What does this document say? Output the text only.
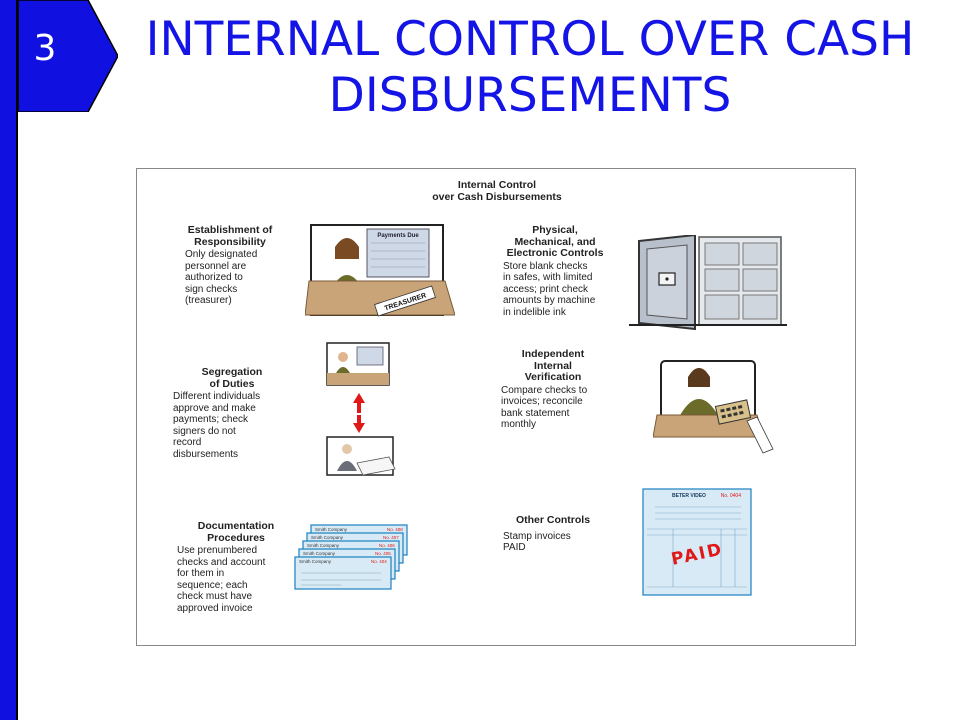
3	INTERNAL CONTROL OVER CASH
DISBURSEMENTS
Internal Control
over Cash Disbursements
Establishment of
Responsibility
Only designated
personnel are
authorized to
sign checks
(treasurer)
Payments Due
TREASURER
Physical,
Mechanical, and
Electronic Controls
Store blank checks
in safes, with limited
access; print check
amounts by machine
in indelible ink
Segregation
of Duties
Different individuals
approve and make
payments; check
signers do not
record
disbursements
Independent
Internal
Verification
Compare checks to
invoices; reconcile
bank statement
monthly
Documentation
Procedures
Use prenumbered
checks and account
for them in
sequence; each
check must have
approved invoice
Smith Company	No. 408
Smith Company	No. 407
Smith Company	No. 406
Smith Company	No. 405
Smith Company	No. 404
Other Controls
Stamp invoices
PAID
BETER VIDEO	No. 0404
PAID
